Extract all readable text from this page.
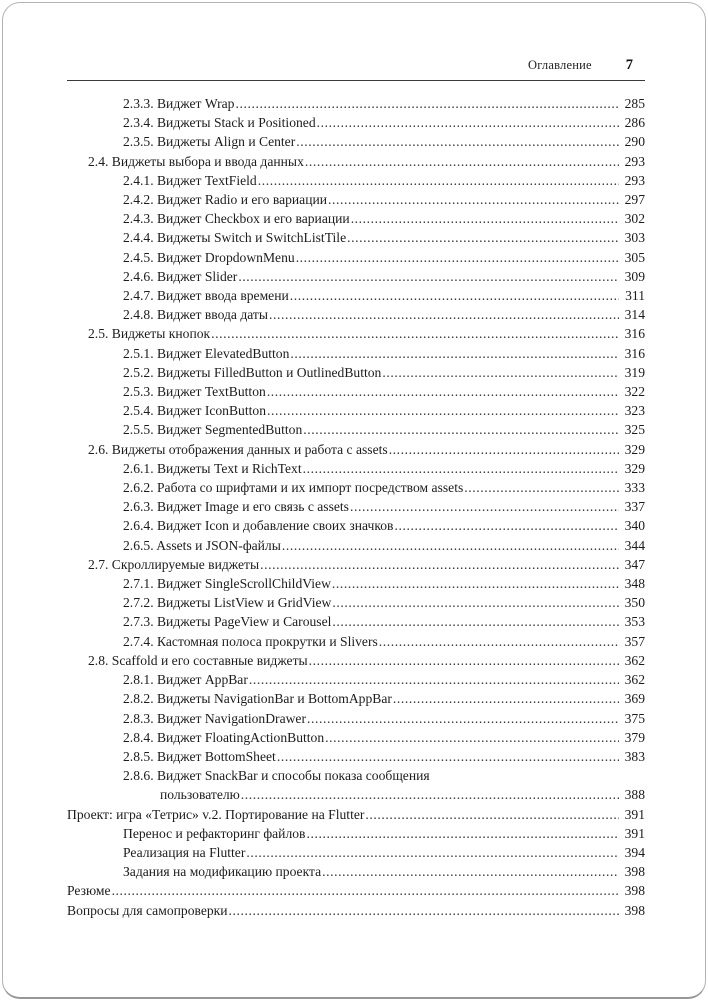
Оглавление 7
2.3.3. Виджет Wrap .....	285
2.3.4. Виджеты Stack и Positioned .....	286
2.3.5. Виджеты Align и Center .....	290
2.4. Виджеты выбора и ввода данных .....	293
2.4.1. Виджет TextField .....	293
2.4.2. Виджет Radio и его вариации .....	297
2.4.3. Виджет Checkbox и его вариации .....	302
2.4.4. Виджеты Switch и SwitchListTile .....	303
2.4.5. Виджет DropdownMenu .....	305
2.4.6. Виджет Slider .....	309
2.4.7. Виджет ввода времени .....	311
2.4.8. Виджет ввода даты .....	314
2.5. Виджеты кнопок .....	316
2.5.1. Виджет ElevatedButton .....	316
2.5.2. Виджеты FilledButton и OutlinedButton .....	319
2.5.3. Виджет TextButton .....	322
2.5.4. Виджет IconButton .....	323
2.5.5. Виджет SegmentedButton .....	325
2.6. Виджеты отображения данных и работа с assets .....	329
2.6.1. Виджеты Text и RichText .....	329
2.6.2. Работа со шрифтами и их импорт посредством assets .....	333
2.6.3. Виджет Image и его связь с assets .....	337
2.6.4. Виджет Icon и добавление своих значков .....	340
2.6.5. Assets и JSON-файлы .....	344
2.7. Скроллируемые виджеты .....	347
2.7.1. Виджет SingleScrollChildView .....	348
2.7.2. Виджеты ListView и GridView .....	350
2.7.3. Виджеты PageView и Carousel .....	353
2.7.4. Кастомная полоса прокрутки и Slivers .....	357
2.8. Scaffold и его составные виджеты .....	362
2.8.1. Виджет AppBar .....	362
2.8.2. Виджеты NavigationBar и BottomAppBar .....	369
2.8.3. Виджет NavigationDrawer .....	375
2.8.4. Виджет FloatingActionButton .....	379
2.8.5. Виджет BottomSheet .....	383
2.8.6. Виджет SnackBar и способы показа сообщения
пользователю .....	388
Проект: игра «Тетрис» v.2. Портирование на Flutter .....	391
Перенос и рефакторинг файлов .....	391
Реализация на Flutter .....	394
Задания на модификацию проекта .....	398
Резюме .....	398
Вопросы для самопроверки .....	398
